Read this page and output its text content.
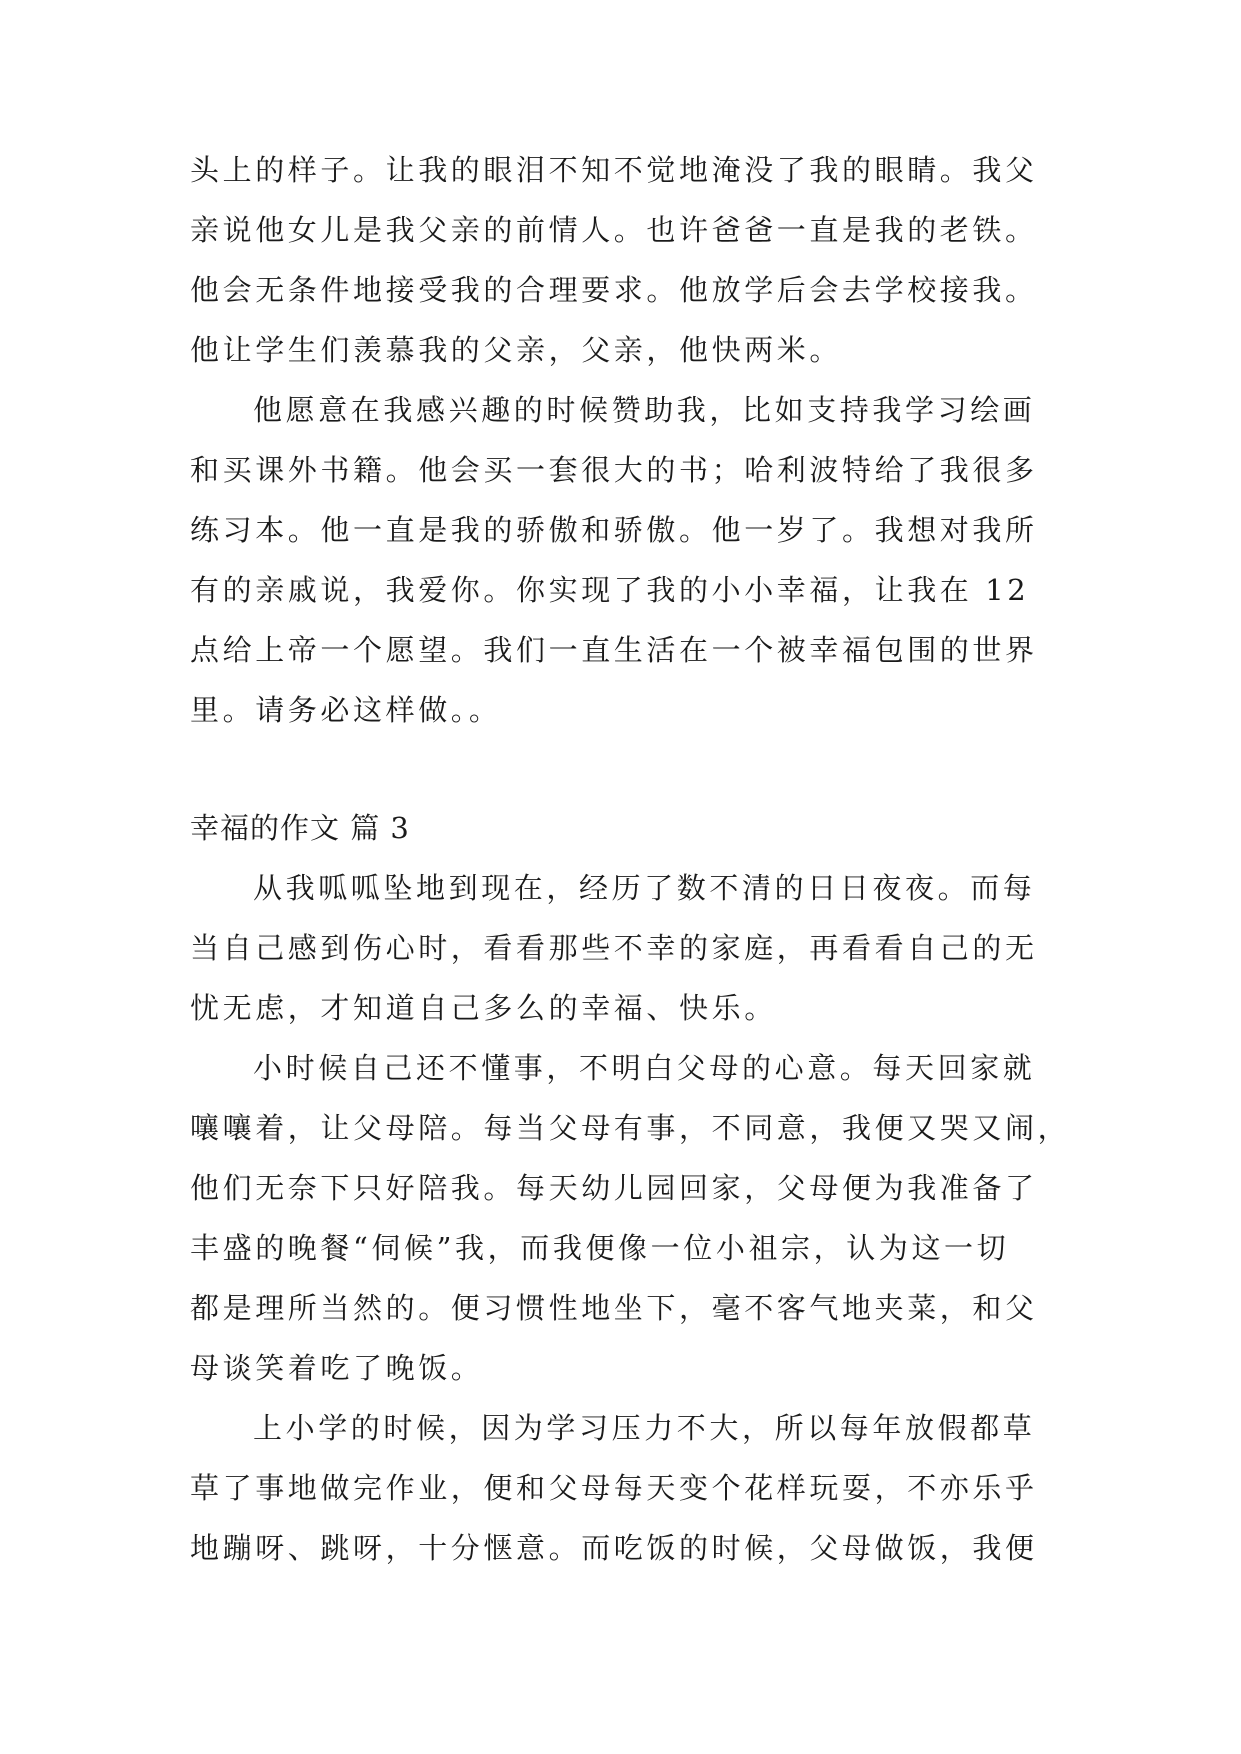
头上的样子。让我的眼泪不知不觉地淹没了我的眼睛。我父
亲说他女儿是我父亲的前情人。也许爸爸一直是我的老铁。
他会无条件地接受我的合理要求。他放学后会去学校接我。
他让学生们羡慕我的父亲，父亲，他快两米。
他愿意在我感兴趣的时候赞助我，比如支持我学习绘画
和买课外书籍。他会买一套很大的书；哈利波特给了我很多
练习本。他一直是我的骄傲和骄傲。他一岁了。我想对我所
有的亲戚说，我爱你。你实现了我的小小幸福，让我在 12
点给上帝一个愿望。我们一直生活在一个被幸福包围的世界
里。请务必这样做。。
幸福的作文 篇 3
从我呱呱坠地到现在，经历了数不清的日日夜夜。而每
当自己感到伤心时，看看那些不幸的家庭，再看看自己的无
忧无虑，才知道自己多么的幸福、快乐。
小时候自己还不懂事，不明白父母的心意。每天回家就
嚷嚷着，让父母陪。每当父母有事，不同意，我便又哭又闹，
他们无奈下只好陪我。每天幼儿园回家，父母便为我准备了
丰盛的晚餐“伺候”我，而我便像一位小祖宗，认为这一切
都是理所当然的。便习惯性地坐下，毫不客气地夹菜，和父
母谈笑着吃了晚饭。
上小学的时候，因为学习压力不大，所以每年放假都草
草了事地做完作业，便和父母每天变个花样玩耍，不亦乐乎
地蹦呀、跳呀，十分惬意。而吃饭的时候，父母做饭，我便
